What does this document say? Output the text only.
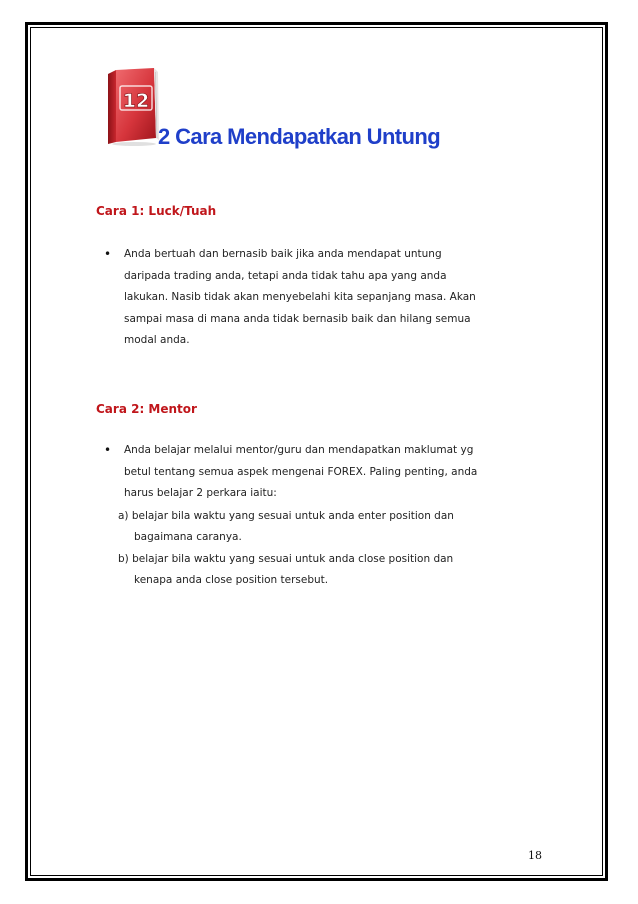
12
2 Cara Mendapatkan Untung
Cara 1: Luck/Tuah
• Anda bertuah dan bernasib baik jika anda mendapat untung
daripada trading anda, tetapi anda tidak tahu apa yang anda
lakukan. Nasib tidak akan menyebelahi kita sepanjang masa. Akan
sampai masa di mana anda tidak bernasib baik dan hilang semua
modal anda.
Cara 2: Mentor
• Anda belajar melalui mentor/guru dan mendapatkan maklumat yg
betul tentang semua aspek mengenai FOREX. Paling penting, anda
harus belajar 2 perkara iaitu:
a) belajar bila waktu yang sesuai untuk anda enter position dan
bagaimana caranya.
b) belajar bila waktu yang sesuai untuk anda close position dan
kenapa anda close position tersebut.
18
